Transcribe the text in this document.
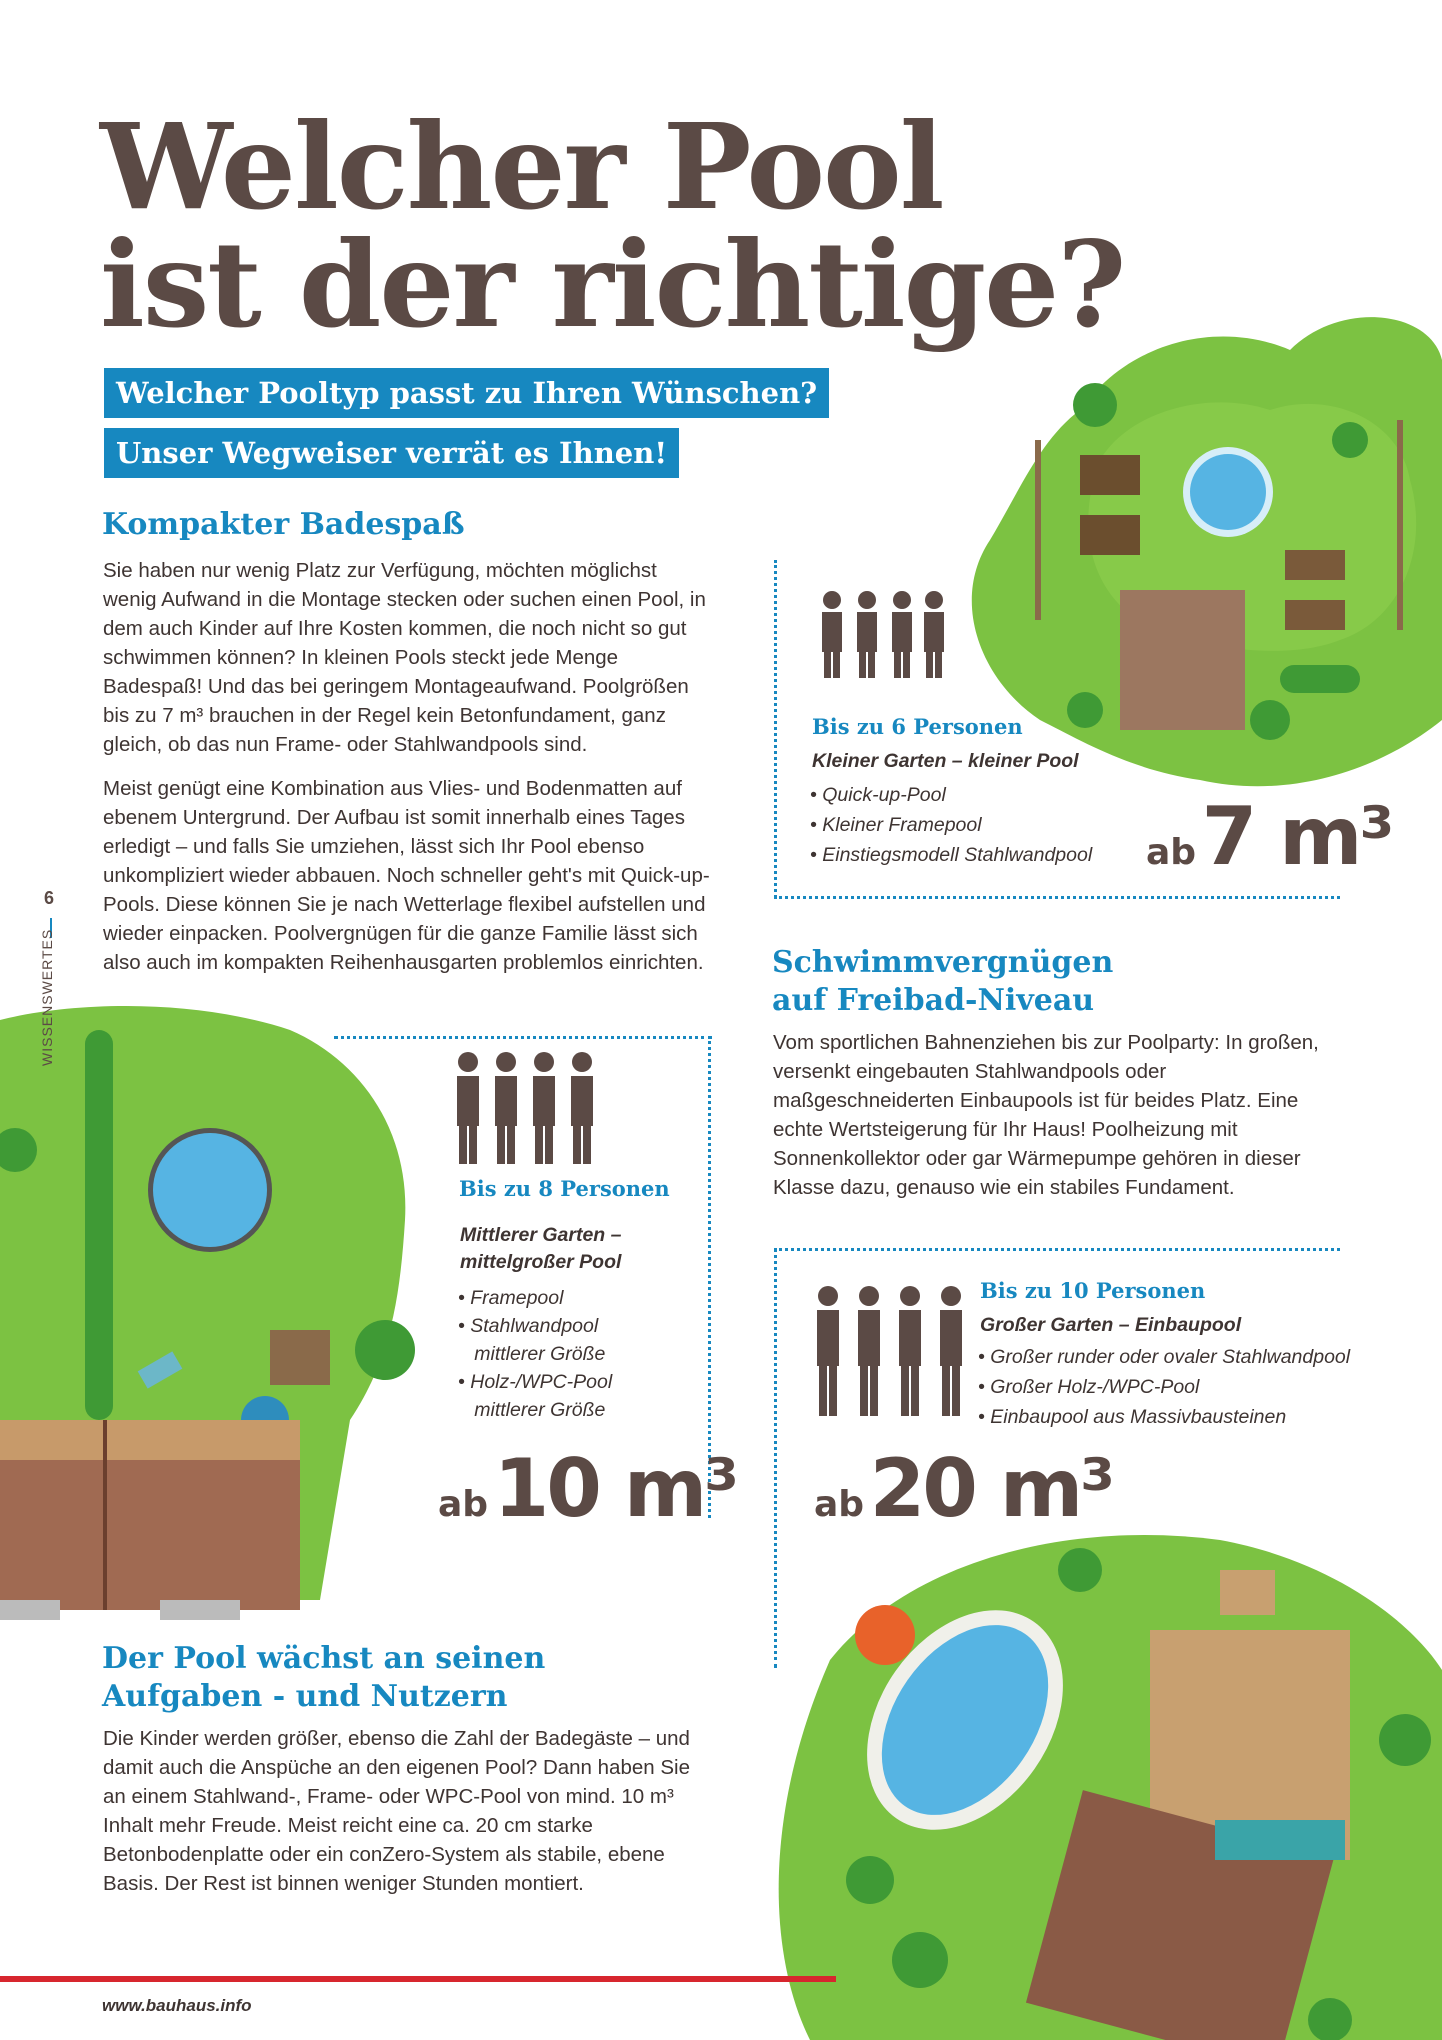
Welcher Pool
ist der richtige?
Welcher Pooltyp passt zu Ihren Wünschen?
Unser Wegweiser verrät es Ihnen!
6
WISSENSWERTES
Kompakter Badespaß

Sie haben nur wenig Platz zur Verfügung, möchten möglichst wenig Aufwand in die Montage stecken oder suchen einen Pool, in dem auch Kinder auf Ihre Kosten kommen, die noch nicht so gut schwimmen können? In kleinen Pools steckt jede Menge Badespaß! Und das bei geringem Montageaufwand. Poolgrößen bis zu 7 m³ brauchen in der Regel kein Betonfundament, ganz gleich, ob das nun Frame- oder Stahlwandpools sind.

Meist genügt eine Kombination aus Vlies- und Bodenmatten auf ebenem Untergrund. Der Aufbau ist somit innerhalb eines Tages erledigt – und falls Sie umziehen, lässt sich Ihr Pool ebenso unkompliziert wieder abbauen. Noch schneller geht's mit Quick-up-Pools. Diese können Sie je nach Wetterlage flexibel aufstellen und wieder einpacken. Poolvergnügen für die ganze Familie lässt sich also auch im kompakten Reihenhausgarten problemlos einrichten.

Bis zu 6 Personen

Kleiner Garten – kleiner Pool

• Quick-up-Pool
• Kleiner Framepool
• Einstiegsmodell Stahlwandpool ab 7 m³
Schwimmvergnügen
auf Freibad-Niveau

Vom sportlichen Bahnenziehen bis zur Poolparty: In großen, versenkt eingebauten Stahlwandpools oder maßgeschneiderten Einbaupools ist für beides Platz. Eine echte Wertsteigerung für Ihr Haus! Poolheizung mit Sonnenkollektor oder gar Wärmepumpe gehören in dieser Klasse dazu, genauso wie ein stabiles Fundament.

Bis zu 8 Personen

Mittlerer Garten –
mittelgroßer Pool

• Framepool
• Stahlwandpool
mittlerer Größe
• Holz-/WPC-Pool
mittlerer Größe
ab 10 m³

Bis zu 10 Personen

Großer Garten – Einbaupool

• Großer runder oder ovaler Stahlwandpool
• Großer Holz-/WPC-Pool
• Einbaupool aus Massivbausteinen
ab 20 m³
Der Pool wächst an seinen
Aufgaben - und Nutzern

Die Kinder werden größer, ebenso die Zahl der Badegäste – und damit auch die Anspüche an den eigenen Pool? Dann haben Sie an einem Stahlwand-, Frame- oder WPC-Pool von mind. 10 m³ Inhalt mehr Freude. Meist reicht eine ca. 20 cm starke Betonbodenplatte oder ein conZero-System als stabile, ebene Basis. Der Rest ist binnen weniger Stunden montiert.

www.bauhaus.info
